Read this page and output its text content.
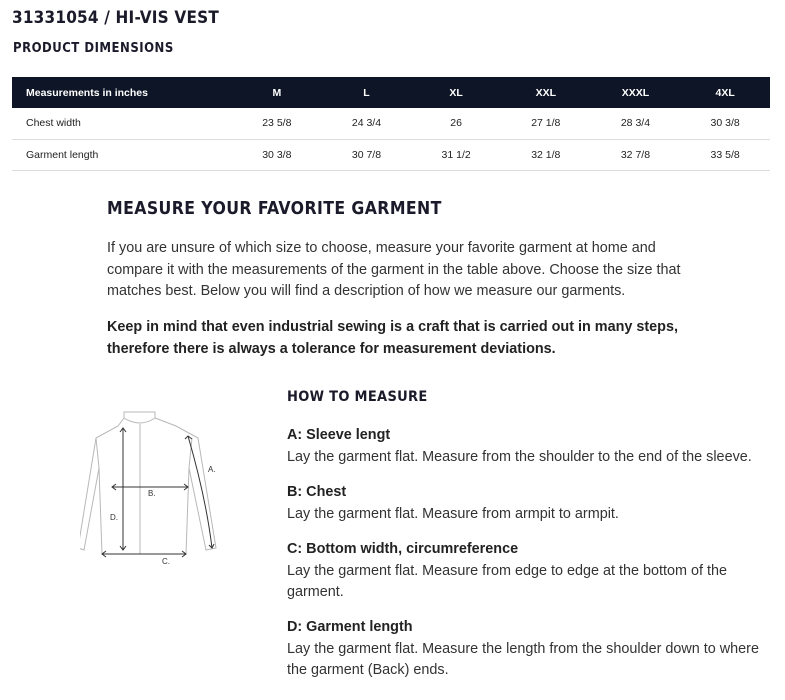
31331054 / HI-VIS VEST
PRODUCT DIMENSIONS
Measurements in inches	M	L	XL	XXL	XXXL	4XL
Chest width	23 5/8	24 3/4	26	27 1/8	28 3/4	30 3/8
Garment length	30 3/8	30 7/8	31 1/2	32 1/8	32 7/8	33 5/8
MEASURE YOUR FAVORITE GARMENT

If you are unsure of which size to choose, measure your favorite garment at home and compare it with the measurements of the garment in the table above. Choose the size that matches best. Below you will find a description of how we measure our garments.

Keep in mind that even industrial sewing is a craft that is carried out in many steps, therefore there is always a tolerance for measurement deviations.

A.
B.
C.
D.
HOW TO MEASURE

A: Sleeve lengt
Lay the garment flat. Measure from the shoulder to the end of the sleeve.

B: Chest
Lay the garment flat. Measure from armpit to armpit.

C: Bottom width, circumreference
Lay the garment flat. Measure from edge to edge at the bottom of the garment.

D: Garment length
Lay the garment flat. Measure the length from the shoulder down to where the garment (Back) ends.
